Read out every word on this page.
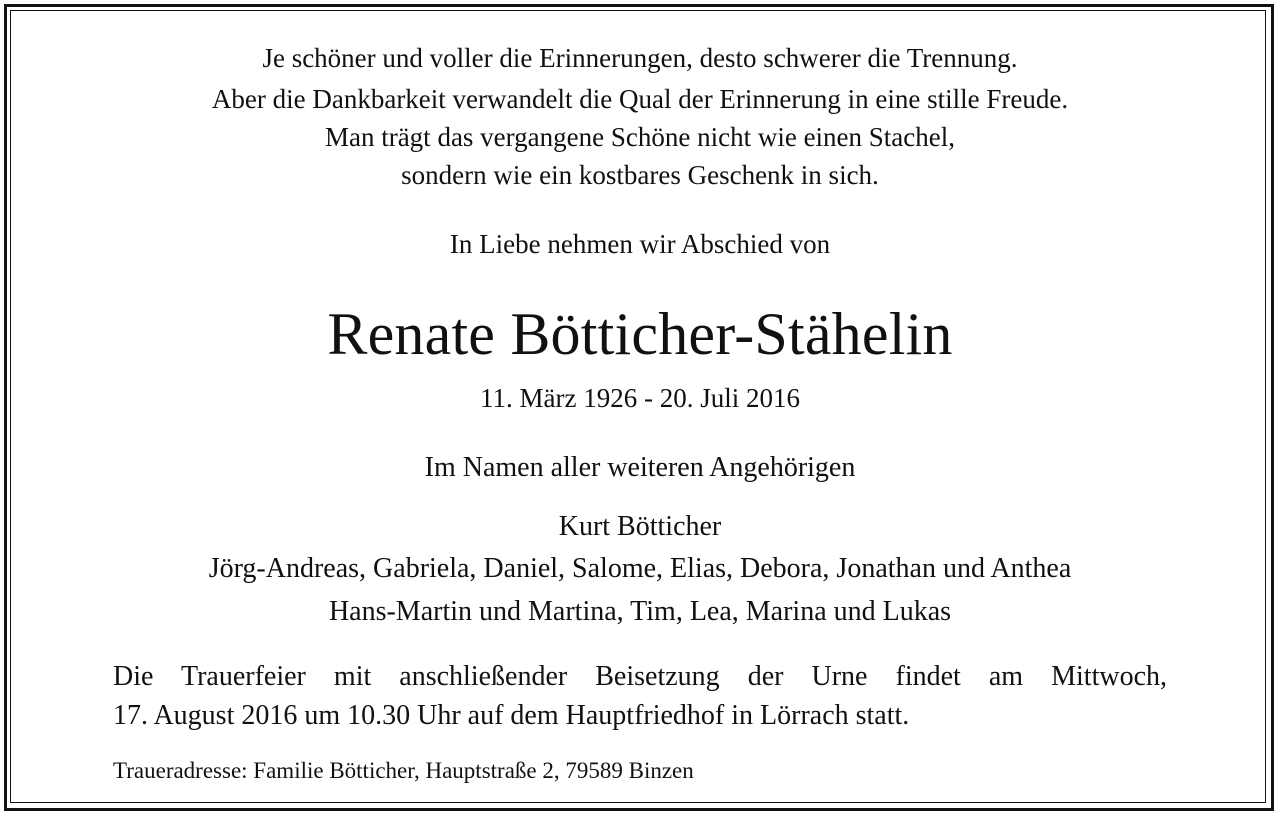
Je schöner und voller die Erinnerungen, desto schwerer die Trennung.
Aber die Dankbarkeit verwandelt die Qual der Erinnerung in eine stille Freude.
Man trägt das vergangene Schöne nicht wie einen Stachel,
sondern wie ein kostbares Geschenk in sich.
In Liebe nehmen wir Abschied von
Renate Bötticher-Stähelin
11. März 1926 - 20. Juli 2016
Im Namen aller weiteren Angehörigen
Kurt Bötticher
Jörg-Andreas, Gabriela, Daniel, Salome, Elias, Debora, Jonathan und Anthea
Hans-Martin und Martina, Tim, Lea, Marina und Lukas
Die Trauerfeier mit anschließender Beisetzung der Urne findet am Mittwoch,
17. August 2016 um 10.30 Uhr auf dem Hauptfriedhof in Lörrach statt.
Traueradresse: Familie Bötticher, Hauptstraße 2, 79589 Binzen
